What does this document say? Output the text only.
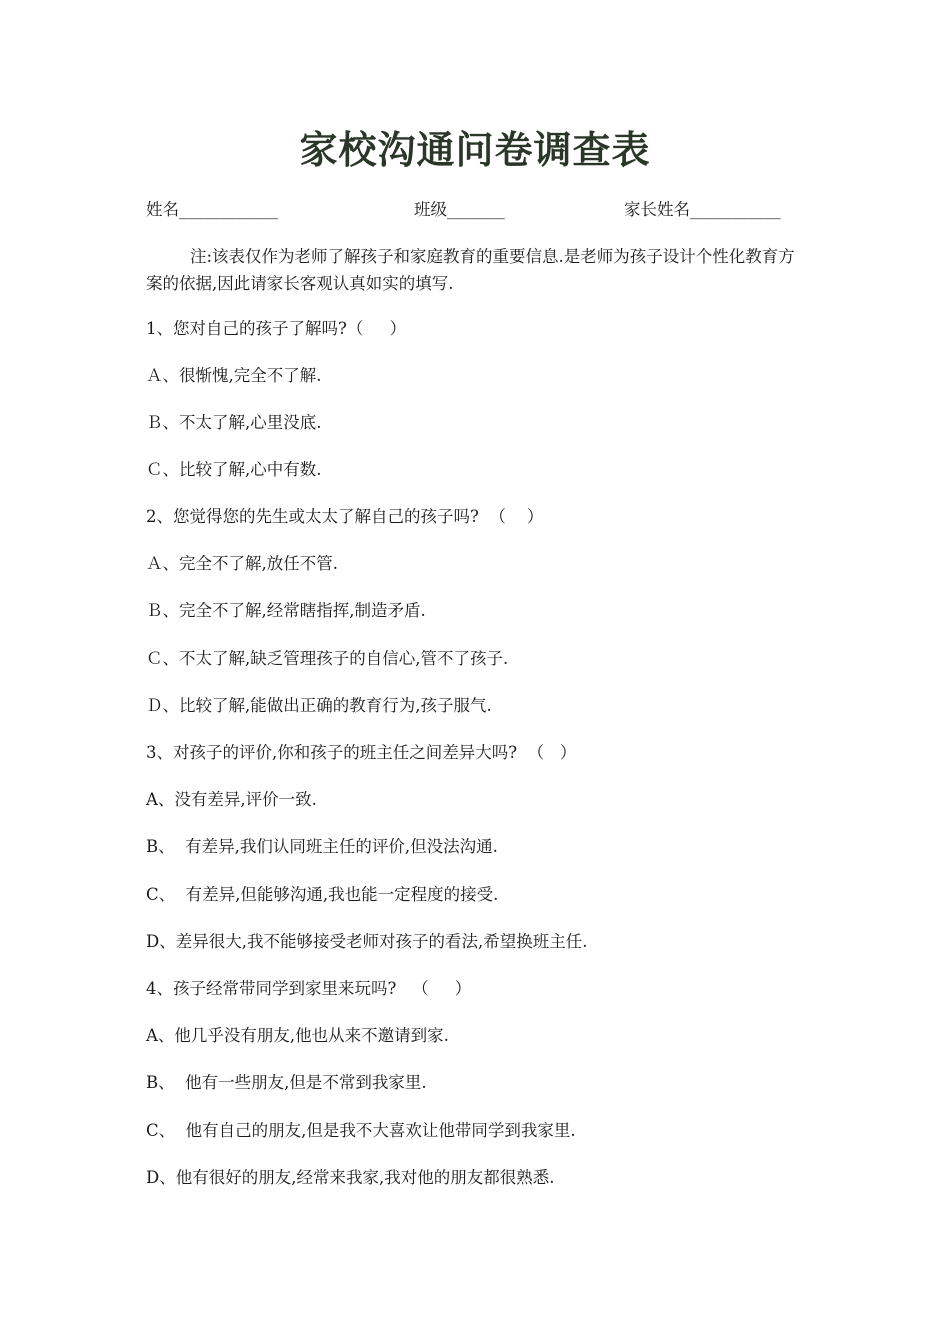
家校沟通问卷调查表
姓名____________	班级_______	家长姓名___________

注:该表仅作为老师了解孩子和家庭教育的重要信息.是老师为孩子设计个性化教育方案的依据,因此请家长客观认真如实的填写.

1、您对自己的孩子了解吗?（     ）

Ａ、很惭愧,完全不了解.

Ｂ、不太了解,心里没底.

Ｃ、比较了解,心中有数.

2、您觉得您的先生或太太了解自己的孩子吗?  （    ）

Ａ、完全不了解,放任不管.

Ｂ、完全不了解,经常瞎指挥,制造矛盾.

Ｃ、不太了解,缺乏管理孩子的自信心,管不了孩子.

Ｄ、比较了解,能做出正确的教育行为,孩子服气.

3、对孩子的评价,你和孩子的班主任之间差异大吗?  （   ）

A、没有差异,评价一致.

B、  有差异,我们认同班主任的评价,但没法沟通.

C、  有差异,但能够沟通,我也能一定程度的接受.

D、差异很大,我不能够接受老师对孩子的看法,希望换班主任.

4、孩子经常带同学到家里来玩吗?   （     ）

A、他几乎没有朋友,他也从来不邀请到家.

B、  他有一些朋友,但是不常到我家里.

C、  他有自己的朋友,但是我不大喜欢让他带同学到我家里.

D、他有很好的朋友,经常来我家,我对他的朋友都很熟悉.
